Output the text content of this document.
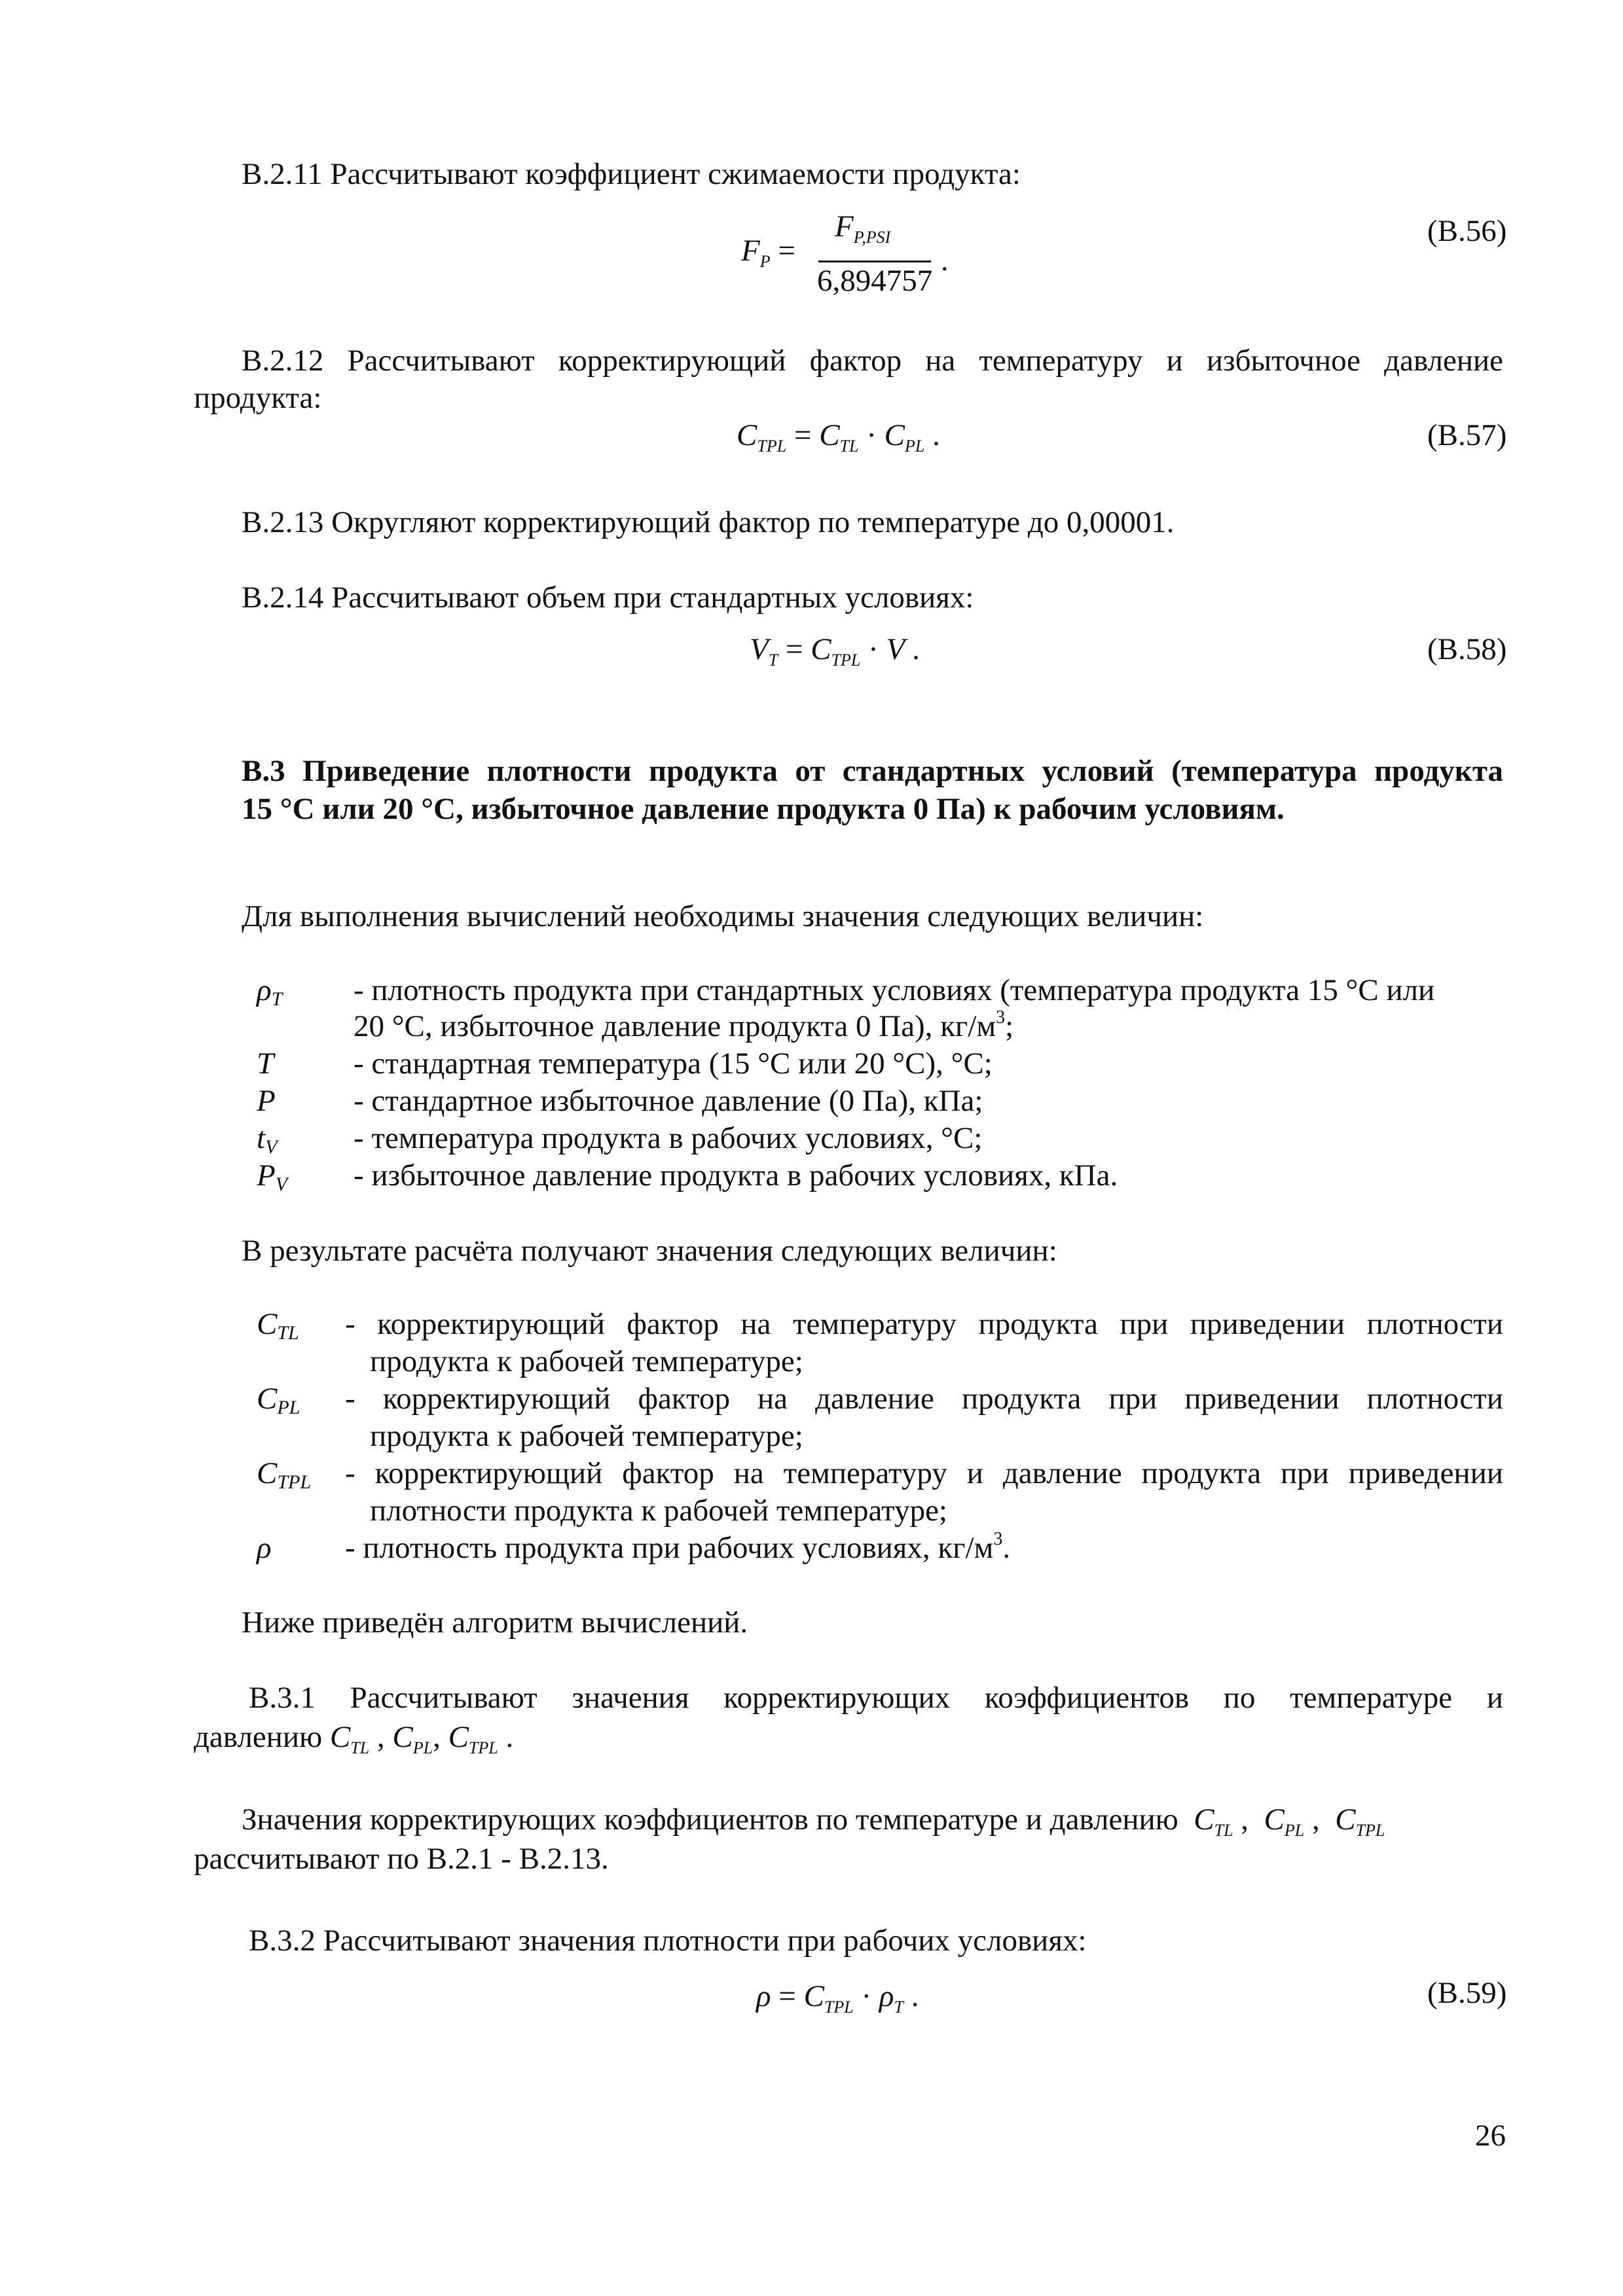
В.2.11 Рассчитывают коэффициент сжимаемости продукта:
$F_P$ =
$F_{P,PSI}$
6,894757
.
(В.56)
В.2.12 Рассчитывают корректирующий фактор на температуру и избыточное давление
продукта:
$C_{TPL} = C_{TL} \cdot C_{PL}$ .	(В.57)
В.2.13 Округляют корректирующий фактор по температуре до 0,00001.
В.2.14 Рассчитывают объем при стандартных условиях:
$V_T = C_{TPL} \cdot V$ .	(В.58)
В.3 Приведение плотности продукта от стандартных условий (температура продукта
15 °С или 20 °С, избыточное давление продукта 0 Па) к рабочим условиям.
Для выполнения вычислений необходимы значения следующих величин:
$\rho_T$ - плотность продукта при стандартных условиях (температура продукта 15 °С или
20 °С, избыточное давление продукта 0 Па), $кг/м^3$;
T	- стандартная температура (15 °С или 20 °С), °С;
P	- стандартное избыточное давление (0 Па), кПа;
$t_V$ - температура продукта в рабочих условиях, °С;
$P_V$ - избыточное давление продукта в рабочих условиях, кПа.
В результате расчёта получают значения следующих величин:
$C_{TL}$ - корректирующий фактор на температуру продукта при приведении плотности
продукта к рабочей температуре;
$C_{PL}$ - корректирующий фактор на давление продукта при приведении плотности
продукта к рабочей температуре;
$C_{TPL}$ - корректирующий фактор на температуру и давление продукта при приведении
плотности продукта к рабочей температуре;
ρ - плотность продукта при рабочих условиях, $кг/м^3$.
Ниже приведён алгоритм вычислений.
В.3.1 Рассчитывают значения корректирующих коэффициентов по температуре и
давлению $C_{TL}$ , $C_{PL}$, $C_{TPL}$ .
Значения корректирующих коэффициентов по температуре и давлению $C_{TL}$ ,  $C_{PL}$ ,  $C_{TPL}$
рассчитывают по В.2.1 - В.2.13.
В.3.2 Рассчитывают значения плотности при рабочих условиях:
$\rho = C_{TPL} \cdot \rho_T$ .	(В.59)
26
